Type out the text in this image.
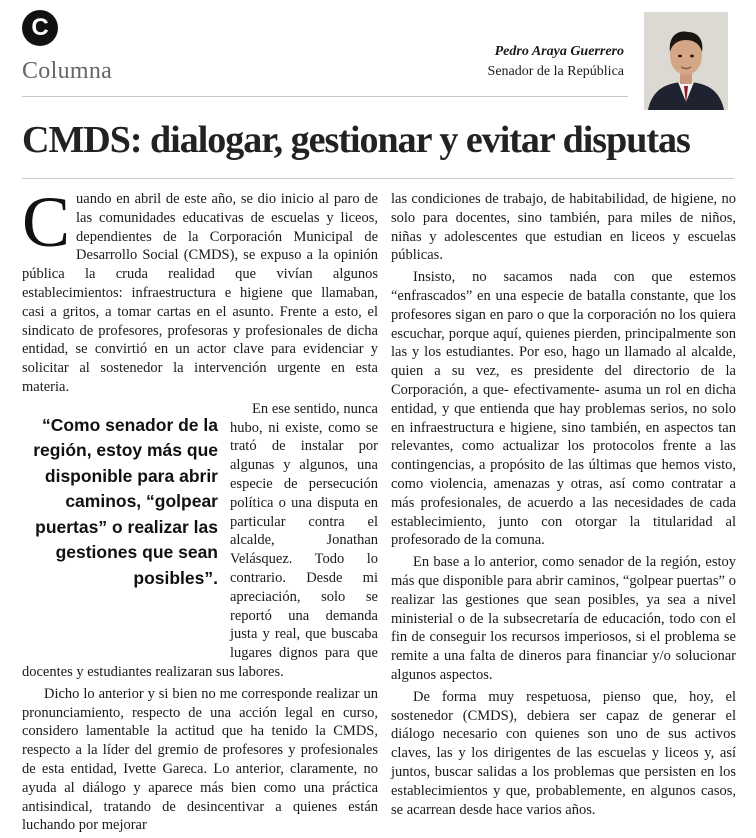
C
Columna
Pedro Araya Guerrero
Senador de la República
CMDS: dialogar, gestionar y evitar disputas

Cuando en abril de este año, se dio inicio al paro de las comunidades educativas de escuelas y liceos, dependientes de la Corporación Municipal de Desarrollo Social (CMDS), se expuso a la opinión pública la cruda realidad que vivían algunos establecimientos: infraestructura e higiene que llamaban, casi a gritos, a tomar cartas en el asunto. Frente a esto, el sindicato de profesores, profesoras y profesionales de dicha entidad, se convirtió en un actor clave para evidenciar y solicitar al sostenedor la intervención urgente en esta materia.

“Como senador de la región, estoy más que disponible para abrir caminos, “golpear puertas” o realizar las gestiones que sean posibles”.

En ese sentido, nunca hubo, ni existe, como se trató de instalar por algunas y algunos, una especie de persecución política o una disputa en particular contra el alcalde, Jonathan Velásquez. Todo lo contrario. Desde mi apreciación, solo se reportó una demanda justa y real, que buscaba lugares dignos para que docentes y estudiantes realizaran sus labores.

Dicho lo anterior y si bien no me corresponde realizar un pronunciamiento, respecto de una acción legal en curso, considero lamentable la actitud que ha tenido la CMDS, respecto a la líder del gremio de profesores y profesionales de esta entidad, Ivette Gareca. Lo anterior, claramente, no ayuda al diálogo y aparece más bien como una práctica antisindical, tratando de desincentivar a quienes están luchando por mejorar

las condiciones de trabajo, de habitabilidad, de higiene, no solo para docentes, sino también, para miles de niños, niñas y adolescentes que estudian en liceos y escuelas públicas.

Insisto, no sacamos nada con que estemos “enfrascados” en una especie de batalla constante, que los profesores sigan en paro o que la corporación no los quiera escuchar, porque aquí, quienes pierden, principalmente son las y los estudiantes. Por eso, hago un llamado al alcalde, quien a su vez, es presidente del directorio de la Corporación, a que- efectivamente- asuma un rol en dicha entidad, y que entienda que hay problemas serios, no solo en infraestructura e higiene, sino también, en aspectos tan relevantes, como actualizar los protocolos frente a las contingencias, a propósito de las últimas que hemos visto, como violencia, amenazas y otras, así como contratar a más profesionales, de acuerdo a las necesidades de cada establecimiento, junto con otorgar la titularidad al profesorado de la comuna.

En base a lo anterior, como senador de la región, estoy más que disponible para abrir caminos, “golpear puertas” o realizar las gestiones que sean posibles, ya sea a nivel ministerial o de la subsecretaría de educación, todo con el fin de conseguir los recursos imperiosos, si el problema se remite a una falta de dineros para financiar y/o solucionar algunos aspectos.

De forma muy respetuosa, pienso que, hoy, el sostenedor (CMDS), debiera ser capaz de generar el diálogo necesario con quienes son uno de sus activos claves, las y los dirigentes de las escuelas y liceos y, así juntos, buscar salidas a los problemas que persisten en los establecimientos y que, probablemente, en algunos casos, se acarrean desde hace varios años.
